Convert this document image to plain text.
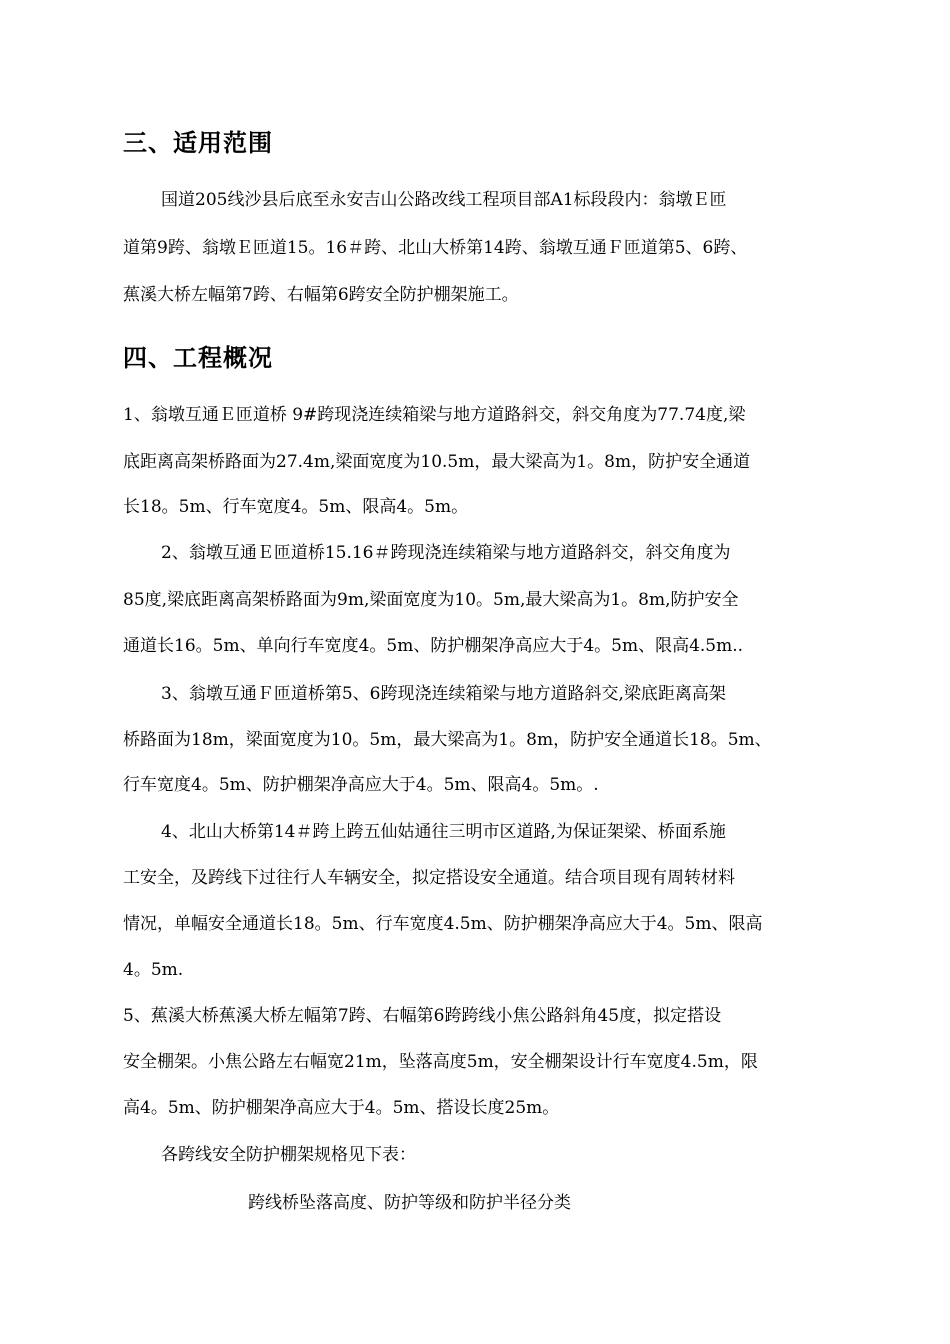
三、适用范围
国道205线沙县后底至永安吉山公路改线工程项目部A1标段段内：翁墩Ｅ匝
道第9跨、翁墩Ｅ匝道15。16＃跨、北山大桥第14跨、翁墩互通Ｆ匝道第5、6跨、
蕉溪大桥左幅第7跨、右幅第6跨安全防护棚架施工。
四、工程概况
1、翁墩互通Ｅ匝道桥 9#跨现浇连续箱梁与地方道路斜交，斜交角度为77.74度,梁
底距离高架桥路面为27.4m,梁面宽度为10.5m，最大梁高为1。8m，防护安全通道
长18。5m、行车宽度4。5m、限高4。5m。
2、翁墩互通Ｅ匝道桥15.16＃跨现浇连续箱梁与地方道路斜交，斜交角度为
85度,梁底距离高架桥路面为9m,梁面宽度为10。5m,最大梁高为1。8m,防护安全
通道长16。5m、单向行车宽度4。5m、防护棚架净高应大于4。5m、限高4.5m..
3、翁墩互通Ｆ匝道桥第5、6跨现浇连续箱梁与地方道路斜交,梁底距离高架
桥路面为18m，梁面宽度为10。5m，最大梁高为1。8m，防护安全通道长18。5m、
行车宽度4。5m、防护棚架净高应大于4。5m、限高4。5m。.
4、北山大桥第14＃跨上跨五仙姑通往三明市区道路,为保证架梁、桥面系施
工安全，及跨线下过往行人车辆安全，拟定搭设安全通道。结合项目现有周转材料
情况，单幅安全通道长18。5m、行车宽度4.5m、防护棚架净高应大于4。5m、限高
4。5m.
5、蕉溪大桥蕉溪大桥左幅第7跨、右幅第6跨跨线小焦公路斜角45度，拟定搭设
安全棚架。小焦公路左右幅宽21m，坠落高度5m，安全棚架设计行车宽度4.5m，限
高4。5m、防护棚架净高应大于4。5m、搭设长度25m。
各跨线安全防护棚架规格见下表：
跨线桥坠落高度、防护等级和防护半径分类
